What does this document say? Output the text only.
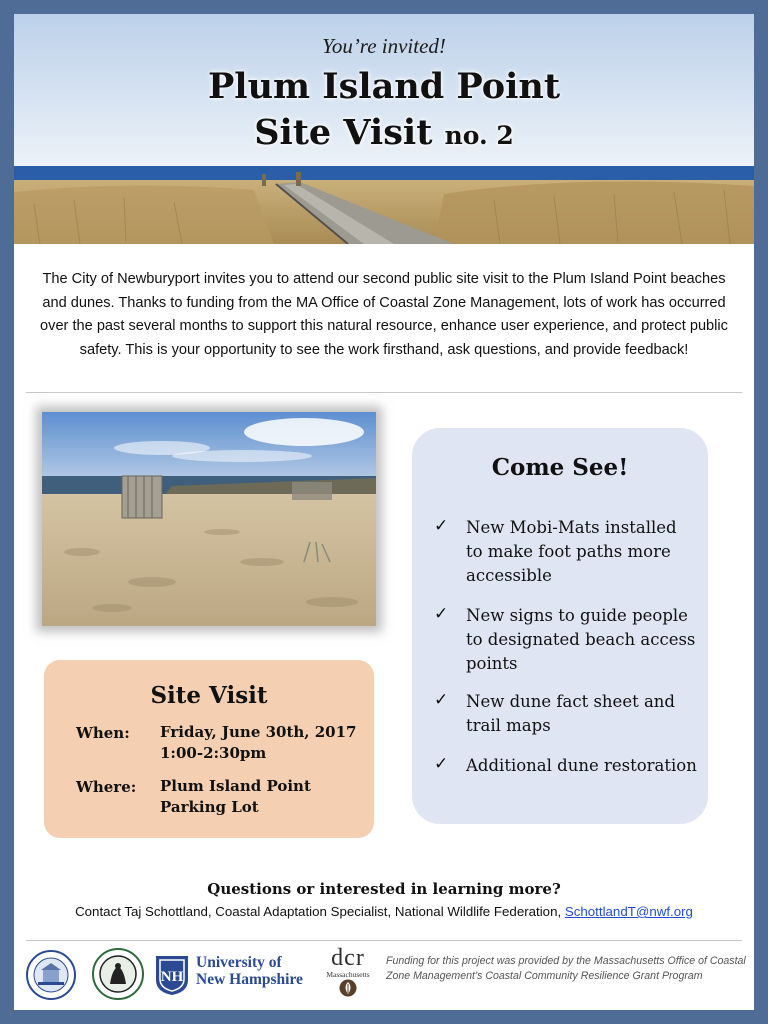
You’re invited!
Plum Island Point
Site Visit no. 2
The City of Newburyport invites you to attend our second public site visit to the Plum Island Point beaches and dunes. Thanks to funding from the MA Office of Coastal Zone Management, lots of work has occurred over the past several months to support this natural resource, enhance user experience, and protect public safety. This is your opportunity to see the work firsthand, ask questions, and provide feedback!
Site Visit
When: Friday, June 30th, 2017
1:00-2:30pm
Where: Plum Island Point
Parking Lot
Come See!
✓ New Mobi-Mats installed to make foot paths more accessible
✓ New signs to guide people to designated beach access points
✓ New dune fact sheet and trail maps
✓ Additional dune restoration
Questions or interested in learning more?
Contact Taj Schottland, Coastal Adaptation Specialist, National Wildlife Federation, SchottlandT@nwf.org
NH
University of
New Hampshire
dcr
Massachusetts
Funding for this project was provided by the Massachusetts Office of Coastal Zone Management’s Coastal Community Resilience Grant Program
